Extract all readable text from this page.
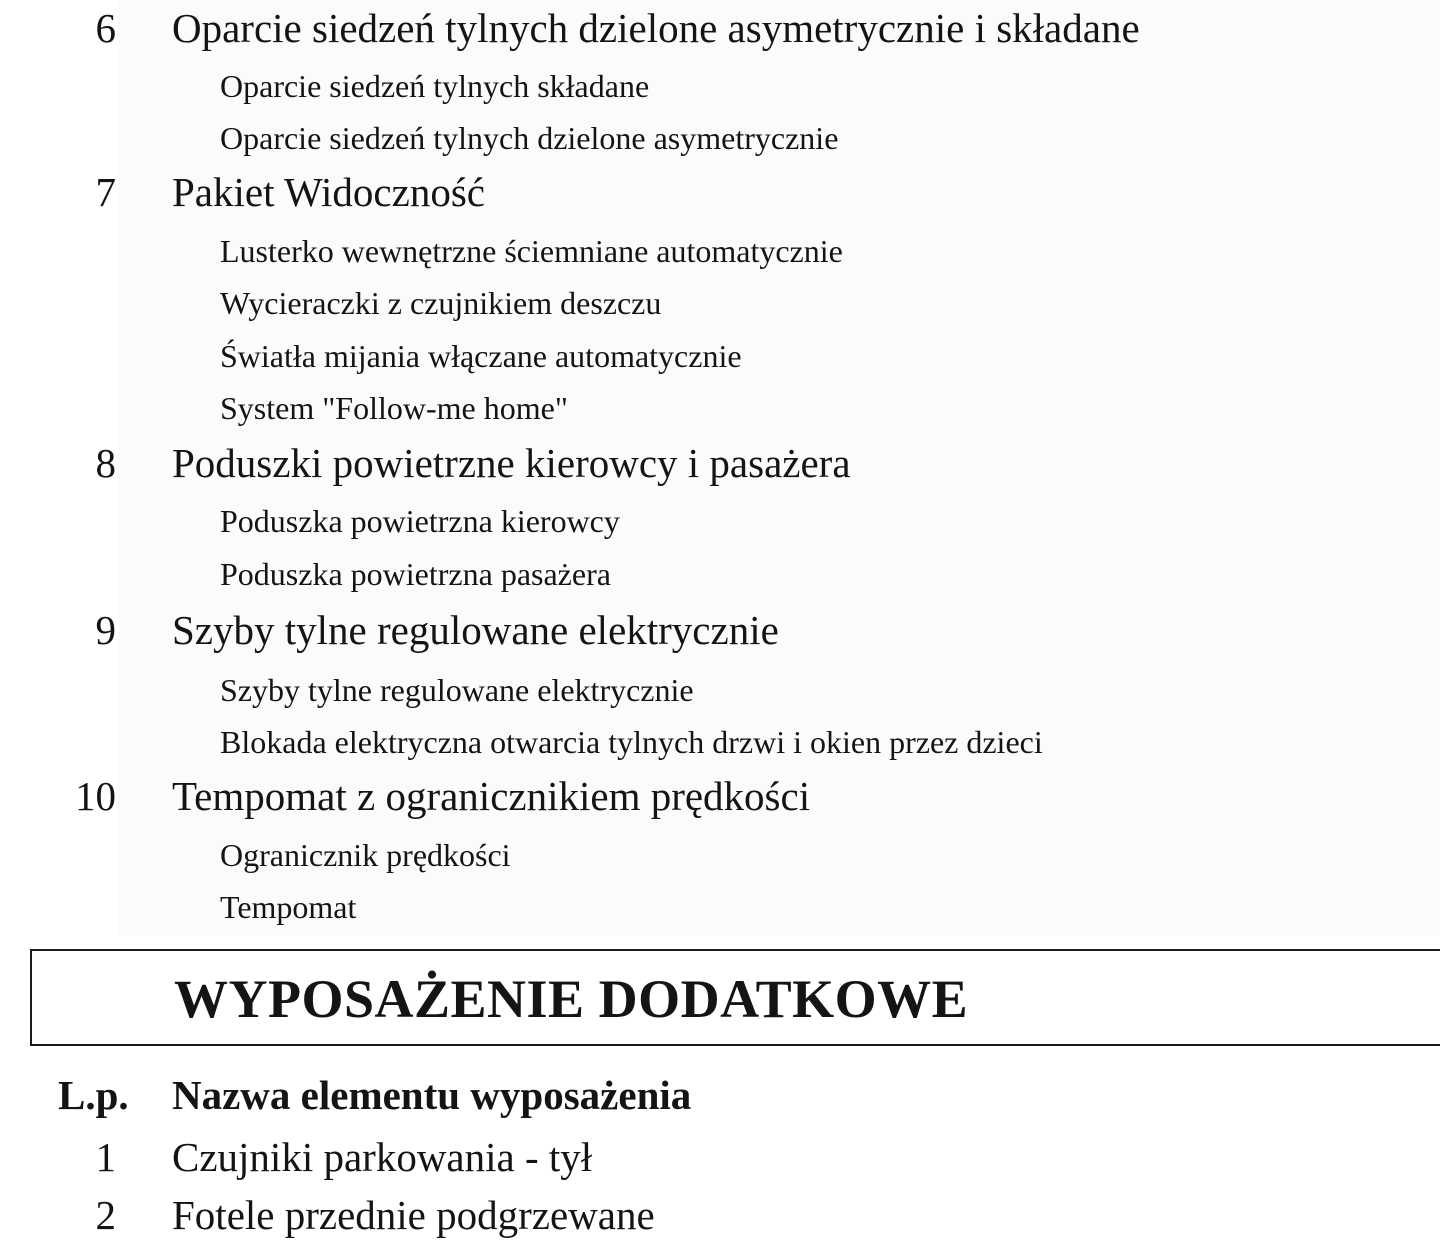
6 Oparcie siedzeń tylnych dzielone asymetrycznie i składane
Oparcie siedzeń tylnych składane
Oparcie siedzeń tylnych dzielone asymetrycznie
7 Pakiet Widoczność
Lusterko wewnętrzne ściemniane automatycznie
Wycieraczki z czujnikiem deszczu
Światła mijania włączane automatycznie
System "Follow-me home"
8 Poduszki powietrzne kierowcy i pasażera
Poduszka powietrzna kierowcy
Poduszka powietrzna pasażera
9 Szyby tylne regulowane elektrycznie
Szyby tylne regulowane elektrycznie
Blokada elektryczna otwarcia tylnych drzwi i okien przez dzieci
10 Tempomat z ogranicznikiem prędkości
Ogranicznik prędkości
Tempomat
WYPOSAŻENIE DODATKOWE
L.p. Nazwa elementu wyposażenia
1 Czujniki parkowania - tył
2 Fotele przednie podgrzewane
